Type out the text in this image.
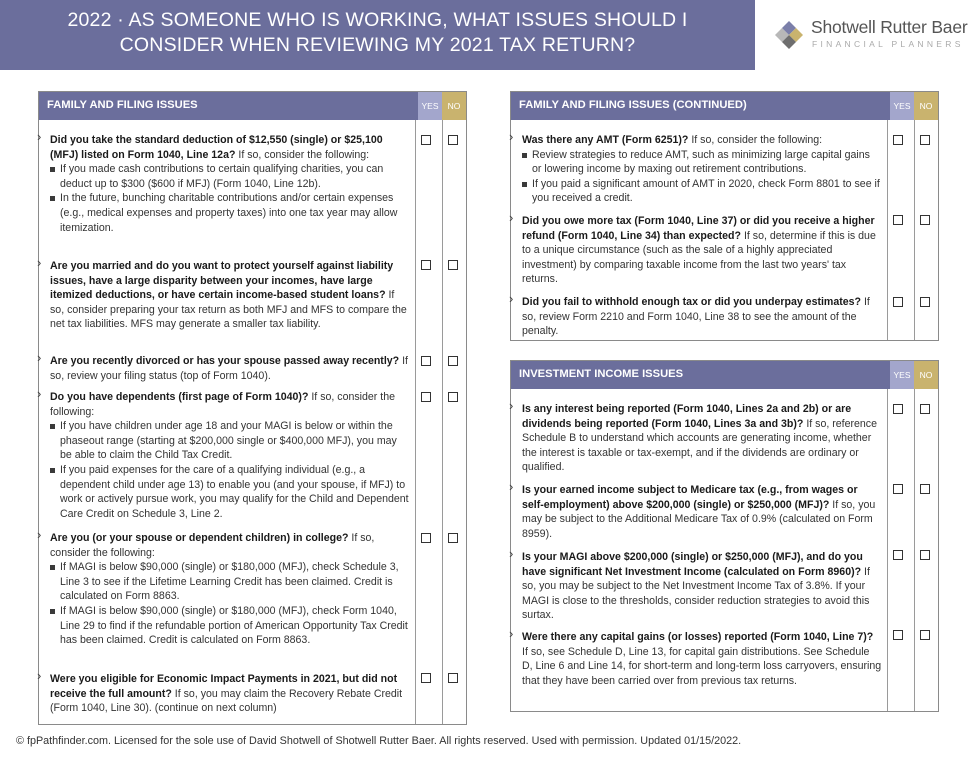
2022 · AS SOMEONE WHO IS WORKING, WHAT ISSUES SHOULD I
CONSIDER WHEN REVIEWING MY 2021 TAX RETURN?
Shotwell Rutter Baer
FINANCIAL PLANNERS
FAMILY AND FILING ISSUES	YES	NO
› Did you take the standard deduction of $12,550 (single) or $25,100 (MFJ) listed on Form 1040, Line 12a? If so, consider the following:
If you made cash contributions to certain qualifying charities, you can deduct up to $300 ($600 if MFJ) (Form 1040, Line 12b).
In the future, bunching charitable contributions and/or certain expenses (e.g., medical expenses and property taxes) into one tax year may allow itemization.
› Are you married and do you want to protect yourself against liability issues, have a large disparity between your incomes, have large itemized deductions, or have certain income-based student loans? If so, consider preparing your tax return as both MFJ and MFS to compare the net tax liabilities. MFS may generate a smaller tax liability.
› Are you recently divorced or has your spouse passed away recently? If so, review your filing status (top of Form 1040).
› Do you have dependents (first page of Form 1040)? If so, consider the following:
If you have children under age 18 and your MAGI is below or within the phaseout range (starting at $200,000 single or $400,000 MFJ), you may be able to claim the Child Tax Credit.
If you paid expenses for the care of a qualifying individual (e.g., a dependent child under age 13) to enable you (and your spouse, if MFJ) to work or actively pursue work, you may qualify for the Child and Dependent Care Credit on Schedule 3, Line 2.
› Are you (or your spouse or dependent children) in college? If so, consider the following:
If MAGI is below $90,000 (single) or $180,000 (MFJ), check Schedule 3, Line 3 to see if the Lifetime Learning Credit has been claimed. Credit is calculated on Form 8863.
If MAGI is below $90,000 (single) or $180,000 (MFJ), check Form 1040, Line 29 to find if the refundable portion of American Opportunity Tax Credit has been claimed. Credit is calculated on Form 8863.
› Were you eligible for Economic Impact Payments in 2021, but did not receive the full amount? If so, you may claim the Recovery Rebate Credit (Form 1040, Line 30). (continue on next column)
FAMILY AND FILING ISSUES (CONTINUED)	YES	NO
› Was there any AMT (Form 6251)? If so, consider the following:
Review strategies to reduce AMT, such as minimizing large capital gains or lowering income by maxing out retirement contributions.
If you paid a significant amount of AMT in 2020, check Form 8801 to see if you received a credit.
› Did you owe more tax (Form 1040, Line 37) or did you receive a higher refund (Form 1040, Line 34) than expected? If so, determine if this is due to a unique circumstance (such as the sale of a highly appreciated investment) by comparing taxable income from the last two years' tax returns.
› Did you fail to withhold enough tax or did you underpay estimates? If so, review Form 2210 and Form 1040, Line 38 to see the amount of the penalty.
INVESTMENT INCOME ISSUES	YES	NO
› Is any interest being reported (Form 1040, Lines 2a and 2b) or are dividends being reported (Form 1040, Lines 3a and 3b)? If so, reference Schedule B to understand which accounts are generating income, whether the interest is taxable or tax-exempt, and if the dividends are ordinary or qualified.
› Is your earned income subject to Medicare tax (e.g., from wages or self-employment) above $200,000 (single) or $250,000 (MFJ)? If so, you may be subject to the Additional Medicare Tax of 0.9% (calculated on Form 8959).
› Is your MAGI above $200,000 (single) or $250,000 (MFJ), and do you have significant Net Investment Income (calculated on Form 8960)? If so, you may be subject to the Net Investment Income Tax of 3.8%. If your MAGI is close to the thresholds, consider reduction strategies to avoid this surtax.
› Were there any capital gains (or losses) reported (Form 1040, Line 7)? If so, see Schedule D, Line 13, for capital gain distributions. See Schedule D, Line 6 and Line 14, for short-term and long-term loss carryovers, ensuring that they have been carried over from previous tax returns.
© fpPathfinder.com. Licensed for the sole use of David Shotwell of Shotwell Rutter Baer. All rights reserved. Used with permission. Updated 01/15/2022.
